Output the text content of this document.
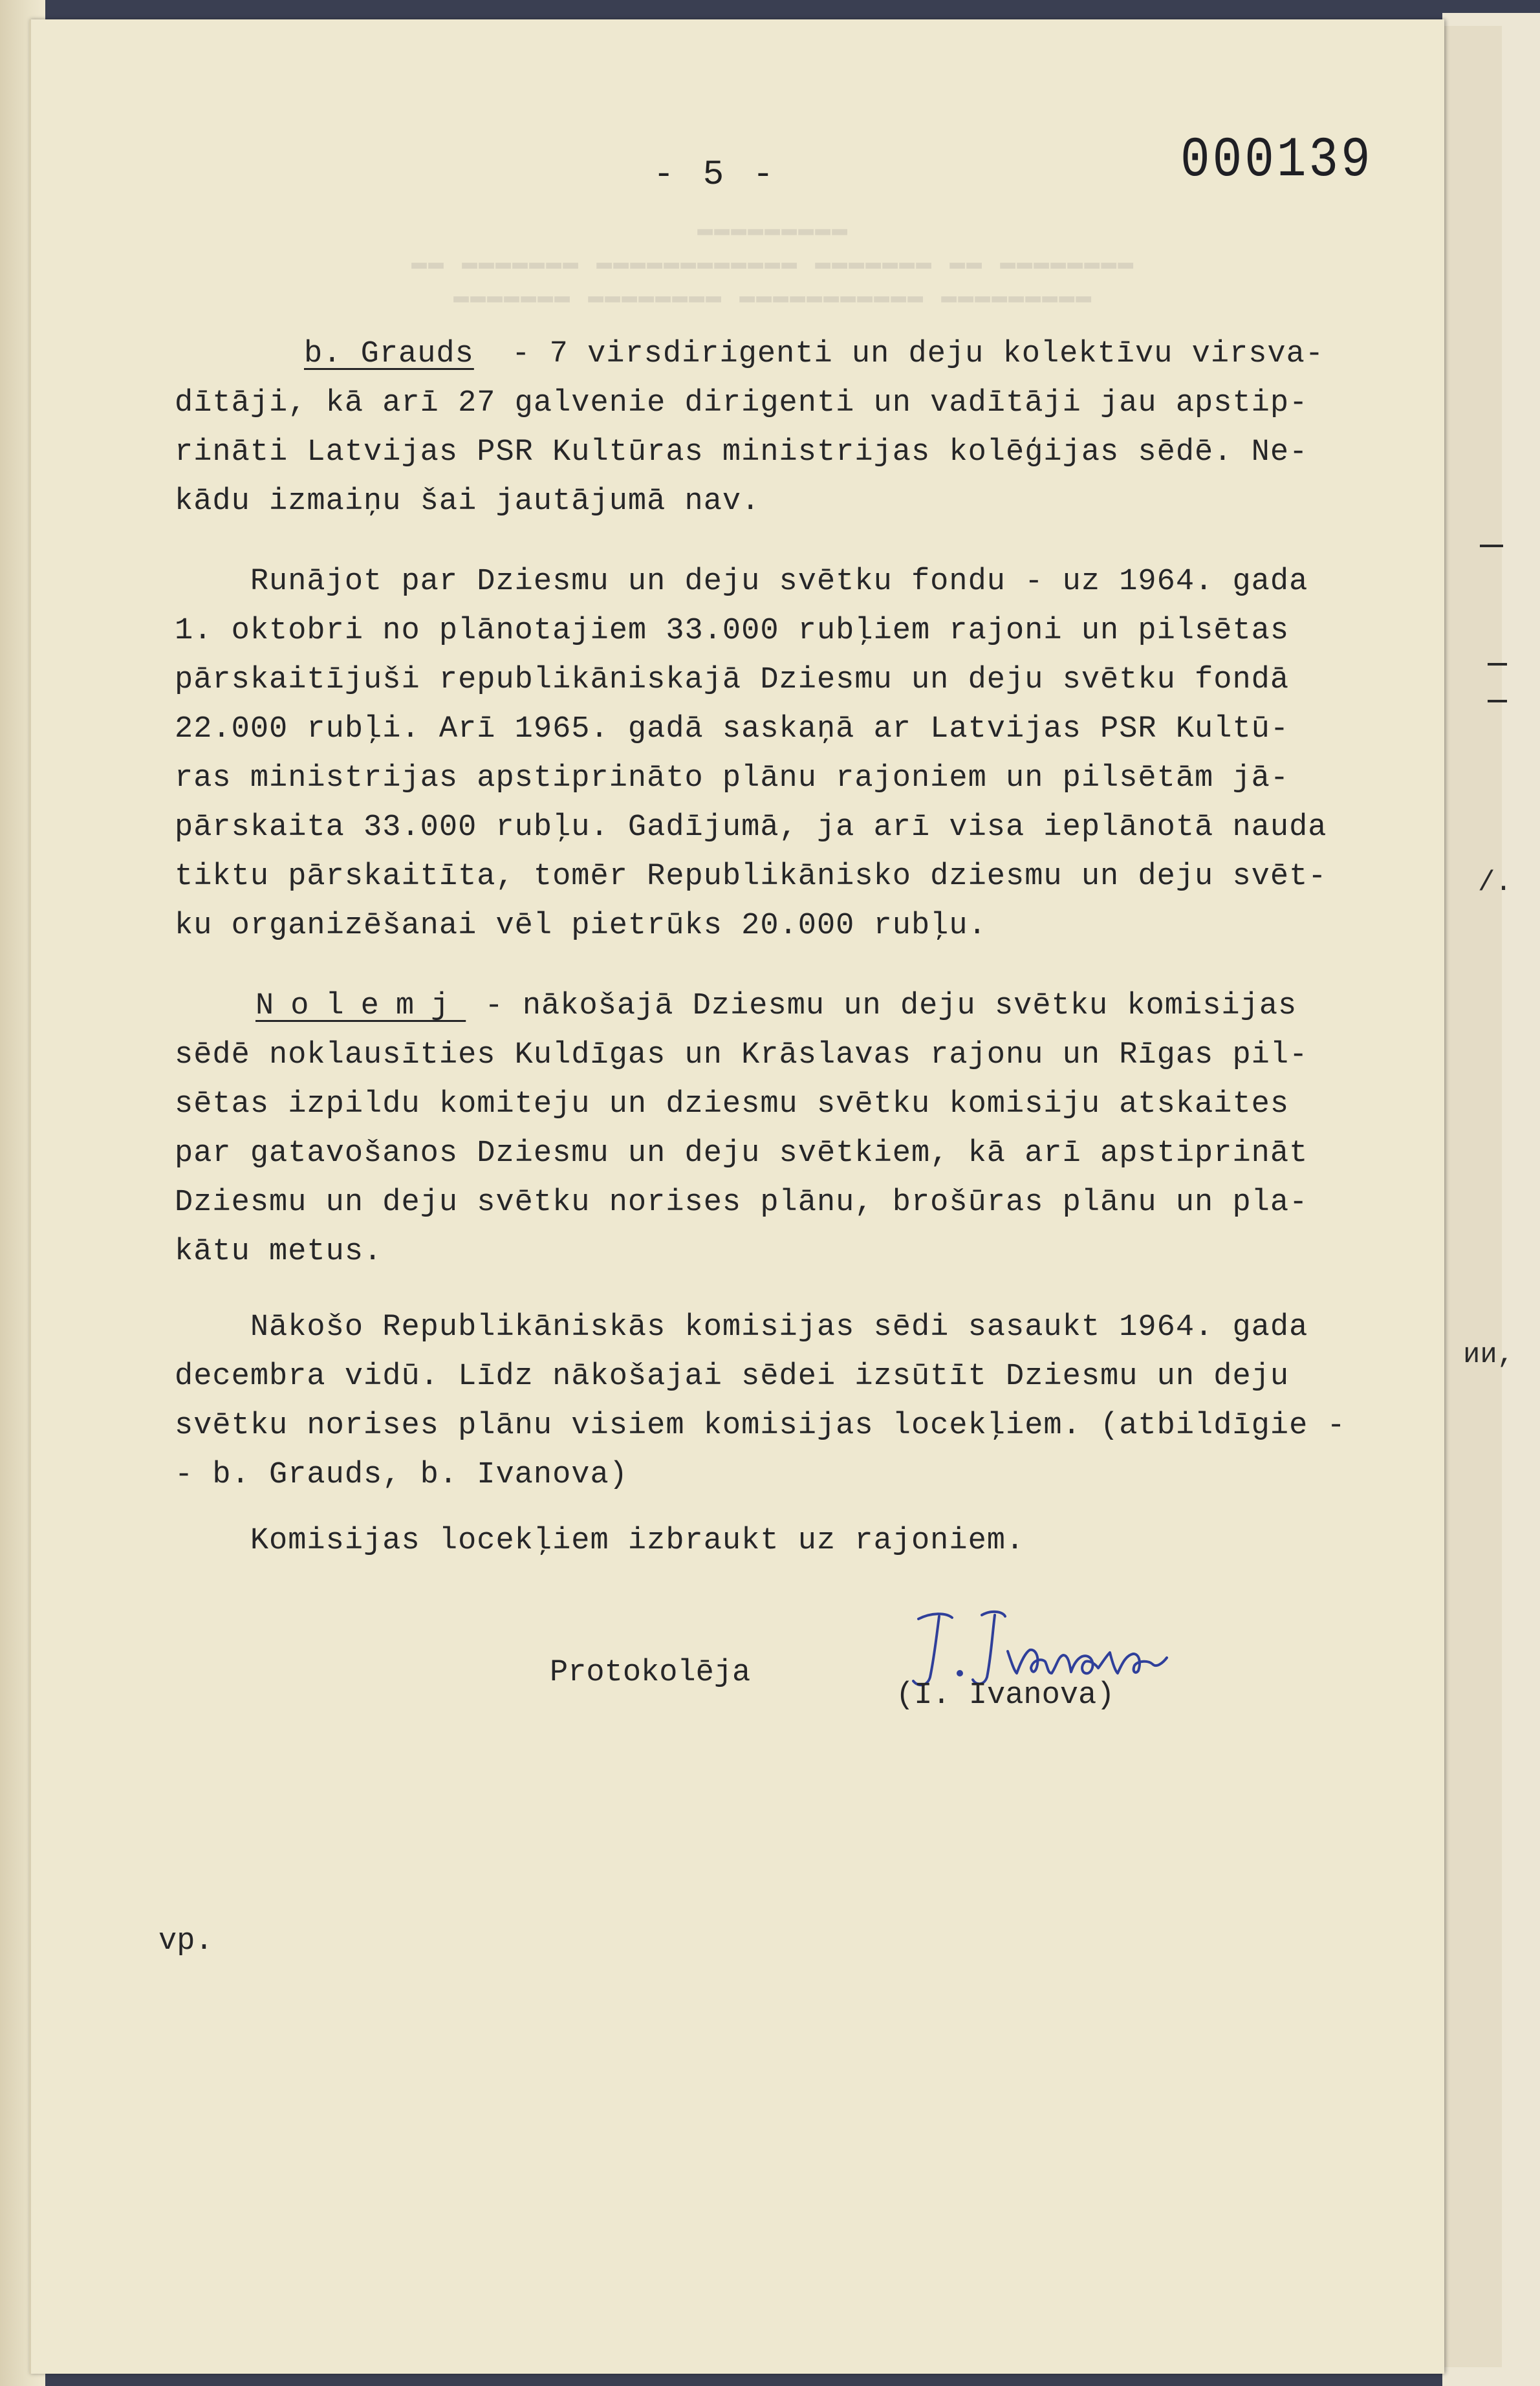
▬▬▬▬▬▬▬▬▬
▬▬ ▬▬▬▬▬▬▬ ▬▬▬▬▬▬▬▬▬▬▬▬ ▬▬▬▬▬▬▬ ▬▬ ▬▬▬▬▬▬▬▬
▬▬▬▬▬▬▬ ▬▬▬▬▬▬▬▬ ▬▬▬▬▬▬▬▬▬▬▬ ▬▬▬▬▬▬▬▬▬
/.
ии,
- 5 -	000139
b. Grauds  - 7 virsdirigenti un deju kolektīvu virsva-
dītāji, kā arī 27 galvenie dirigenti un vadītāji jau apstip-
rināti Latvijas PSR Kultūras ministrijas kolēģijas sēdē. Ne-
kādu izmaiņu šai jautājumā nav.
Runājot par Dziesmu un deju svētku fondu - uz 1964. gada
1. oktobri no plānotajiem 33.000 rubļiem rajoni un pilsētas
pārskaitījuši republikāniskajā Dziesmu un deju svētku fondā
22.000 rubļi. Arī 1965. gadā saskaņā ar Latvijas PSR Kultū-
ras ministrijas apstiprināto plānu rajoniem un pilsētām jā-
pārskaita 33.000 rubļu. Gadījumā, ja arī visa ieplānotā nauda
tiktu pārskaitīta, tomēr Republikānisko dziesmu un deju svēt-
ku organizēšanai vēl pietrūks 20.000 rubļu.
Nolemj - nākošajā Dziesmu un deju svētku komisijas
sēdē noklausīties Kuldīgas un Krāslavas rajonu un Rīgas pil-
sētas izpildu komiteju un dziesmu svētku komisiju atskaites
par gatavošanos Dziesmu un deju svētkiem, kā arī apstiprināt
Dziesmu un deju svētku norises plānu, brošūras plānu un pla-
kātu metus.
Nākošo Republikāniskās komisijas sēdi sasaukt 1964. gada
decembra vidū. Līdz nākošajai sēdei izsūtīt Dziesmu un deju
svētku norises plānu visiem komisijas locekļiem. (atbildīgie -
- b. Grauds, b. Ivanova)
Komisijas locekļiem izbraukt uz rajoniem.
Protokolēja
(I. Ivanova)
vp.
